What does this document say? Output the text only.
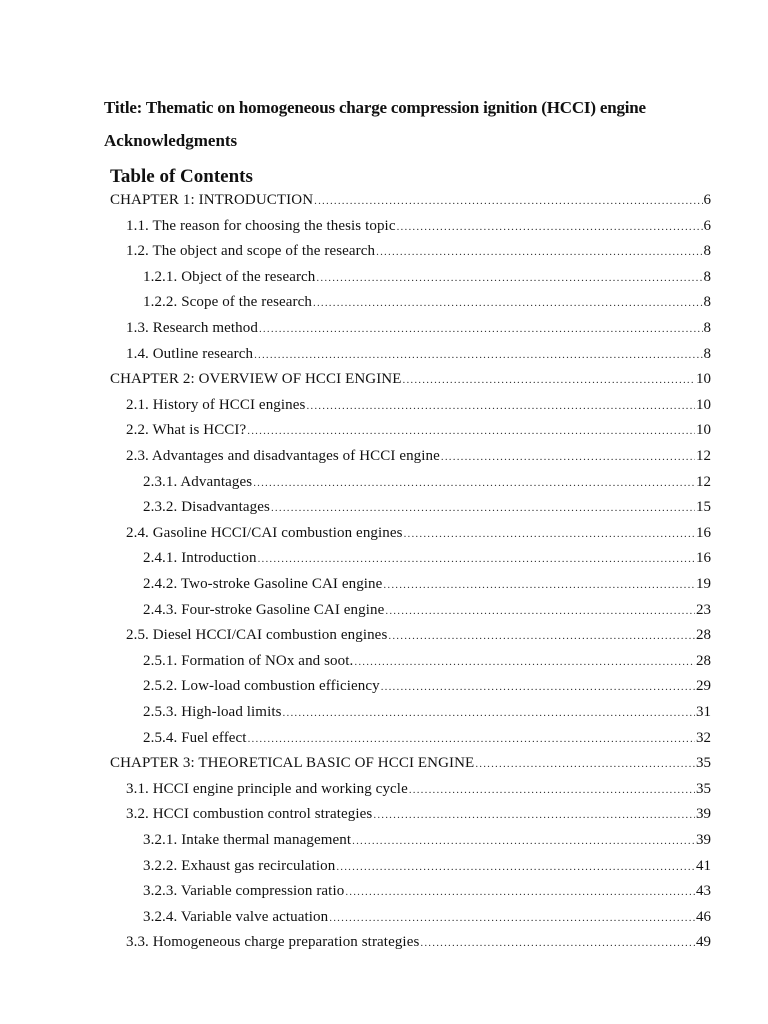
Title: Thematic on homogeneous charge compression ignition (HCCI) engine
Acknowledgments
Table of Contents
CHAPTER 1: INTRODUCTION .....	6
1.1. The reason for choosing the thesis topic .....	6
1.2. The object and scope of the research .....	8
1.2.1. Object of the research .....	8
1.2.2. Scope of the research .....	8
1.3. Research method .....	8
1.4. Outline research .....	8
CHAPTER 2: OVERVIEW OF HCCI ENGINE .....	10
2.1. History of HCCI engines .....	10
2.2. What is HCCI? .....	10
2.3. Advantages and disadvantages of HCCI engine .....	12
2.3.1. Advantages .....	12
2.3.2. Disadvantages .....	15
2.4. Gasoline HCCI/CAI combustion engines .....	16
2.4.1. Introduction .....	16
2.4.2. Two-stroke Gasoline CAI engine .....	19
2.4.3. Four-stroke Gasoline CAI engine .....	23
2.5. Diesel HCCI/CAI combustion engines .....	28
2.5.1. Formation of NOx and soot. .....	28
2.5.2. Low-load combustion efficiency .....	29
2.5.3. High-load limits .....	31
2.5.4. Fuel effect .....	32
CHAPTER 3: THEORETICAL BASIC OF HCCI ENGINE .....	35
3.1. HCCI engine principle and working cycle .....	35
3.2. HCCI combustion control strategies .....	39
3.2.1. Intake thermal management .....	39
3.2.2. Exhaust gas recirculation .....	41
3.2.3. Variable compression ratio .....	43
3.2.4. Variable valve actuation .....	46
3.3. Homogeneous charge preparation strategies .....	49
